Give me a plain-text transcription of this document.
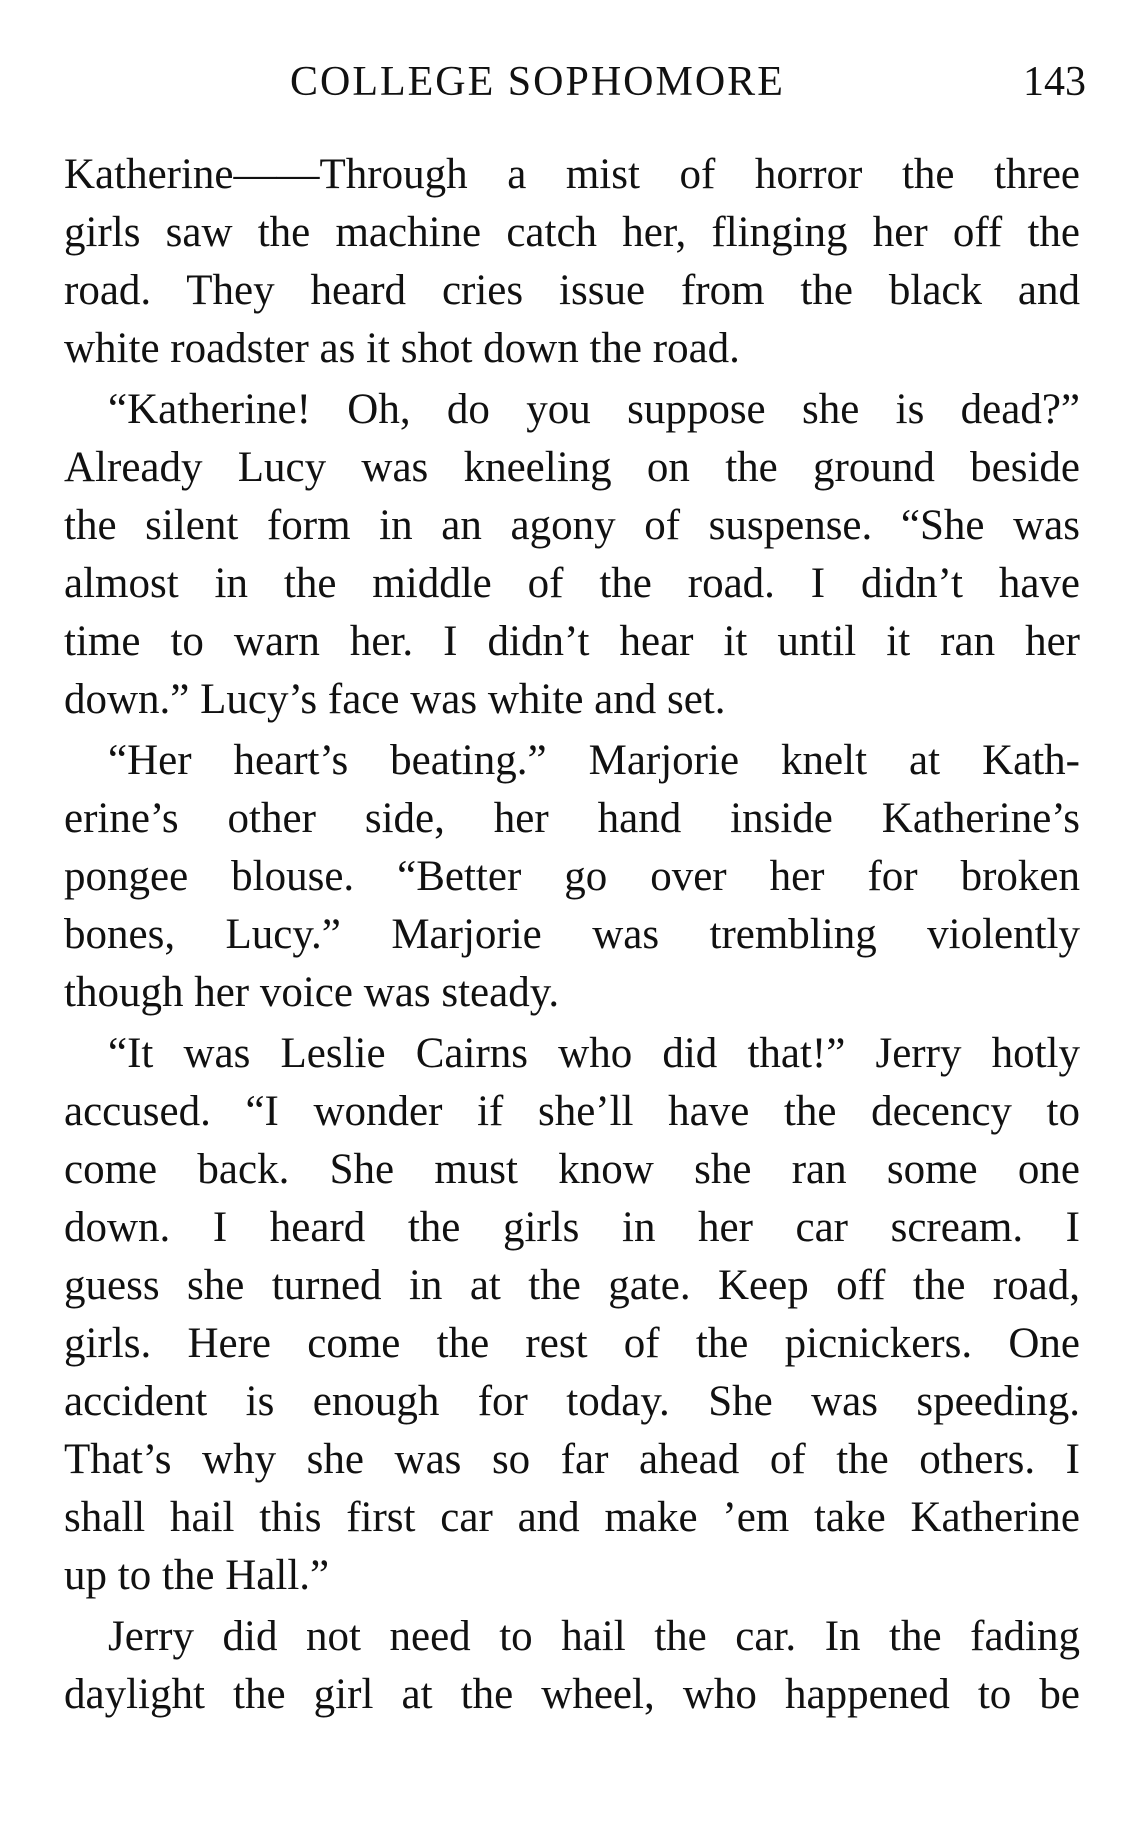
COLLEGE SOPHOMORE	143
Katherine——Through a mist of horror the three
girls saw the machine catch her, flinging her off the
road. They heard cries issue from the black and
white roadster as it shot down the road.
“Katherine! Oh, do you suppose she is dead?”
Already Lucy was kneeling on the ground beside
the silent form in an agony of suspense. “She was
almost in the middle of the road. I didn’t have
time to warn her. I didn’t hear it until it ran her
down.” Lucy’s face was white and set.
“Her heart’s beating.” Marjorie knelt at Kath-
erine’s other side, her hand inside Katherine’s
pongee blouse. “Better go over her for broken
bones, Lucy.” Marjorie was trembling violently
though her voice was steady.
“It was Leslie Cairns who did that!” Jerry hotly
accused. “I wonder if she’ll have the decency to
come back. She must know she ran some one
down. I heard the girls in her car scream. I
guess she turned in at the gate. Keep off the road,
girls. Here come the rest of the picnickers. One
accident is enough for today. She was speeding.
That’s why she was so far ahead of the others. I
shall hail this first car and make ’em take Katherine
up to the Hall.”
Jerry did not need to hail the car. In the fading
daylight the girl at the wheel, who happened to be
